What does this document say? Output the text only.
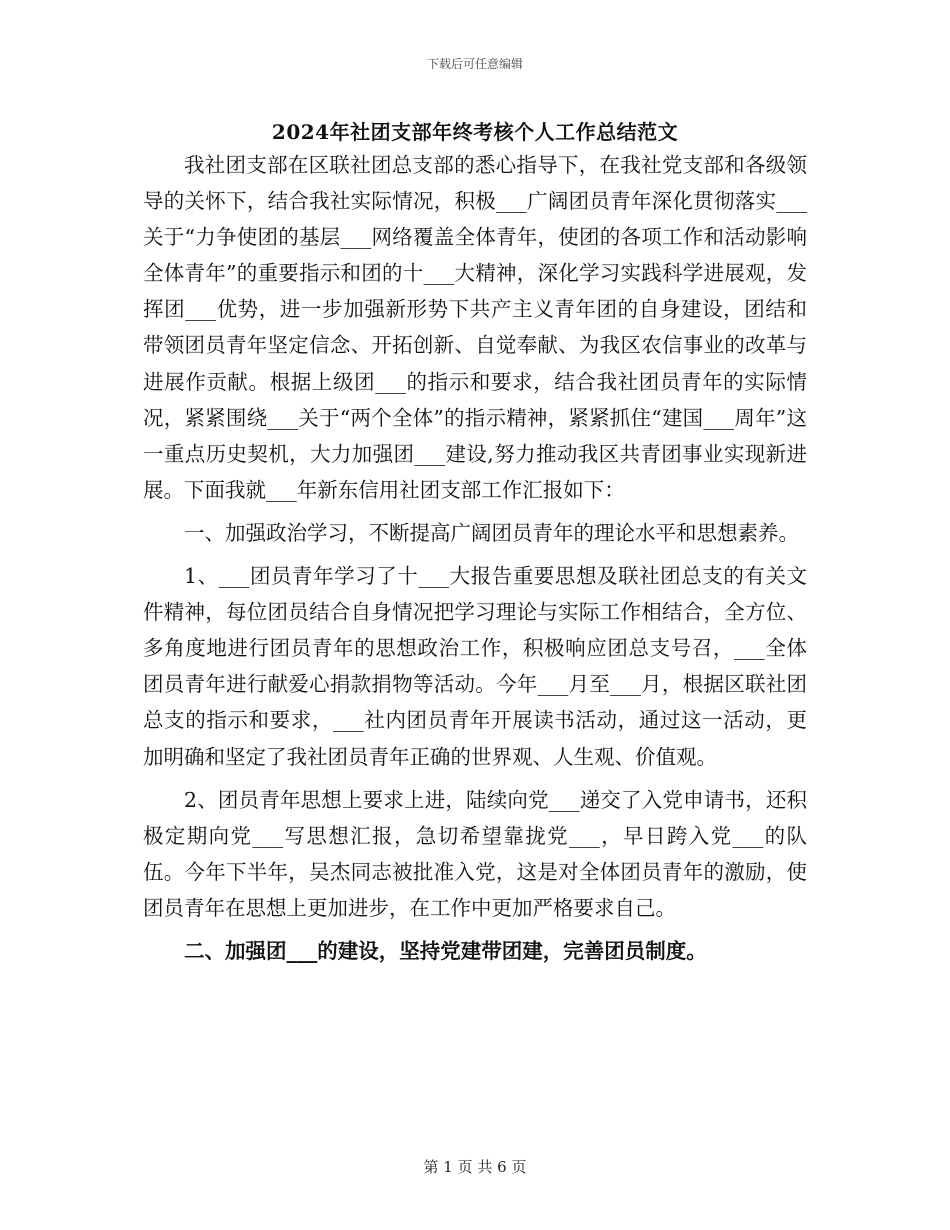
下载后可任意编辑
2024年社团支部年终考核个人工作总结范文

我社团支部在区联社团总支部的悉心指导下，在我社党支部和各级领导的关怀下，结合我社实际情况，积极___广阔团员青年深化贯彻落实___关于“力争使团的基层___网络覆盖全体青年，使团的各项工作和活动影响全体青年”的重要指示和团的十___大精神，深化学习实践科学进展观，发挥团___优势，进一步加强新形势下共产主义青年团的自身建设，团结和带领团员青年坚定信念、开拓创新、自觉奉献、为我区农信事业的改革与进展作贡献。根据上级团___的指示和要求，结合我社团员青年的实际情况，紧紧围绕___关于“两个全体”的指示精神，紧紧抓住“建国___周年”这一重点历史契机，大力加强团___建设,努力推动我区共青团事业实现新进展。下面我就___年新东信用社团支部工作汇报如下：

一、加强政治学习，不断提高广阔团员青年的理论水平和思想素养。

1、___团员青年学习了十___大报告重要思想及联社团总支的有关文件精神，每位团员结合自身情况把学习理论与实际工作相结合，全方位、多角度地进行团员青年的思想政治工作，积极响应团总支号召，___全体团员青年进行献爱心捐款捐物等活动。今年___月至___月，根据区联社团总支的指示和要求，___社内团员青年开展读书活动，通过这一活动，更加明确和坚定了我社团员青年正确的世界观、人生观、价值观。

2、团员青年思想上要求上进，陆续向党___递交了入党申请书，还积极定期向党___写思想汇报，急切希望靠拢党___，早日跨入党___的队伍。今年下半年，吴杰同志被批准入党，这是对全体团员青年的激励，使团员青年在思想上更加进步，在工作中更加严格要求自己。

二、加强团___的建设，坚持党建带团建，完善团员制度。

第 1 页 共 6 页
